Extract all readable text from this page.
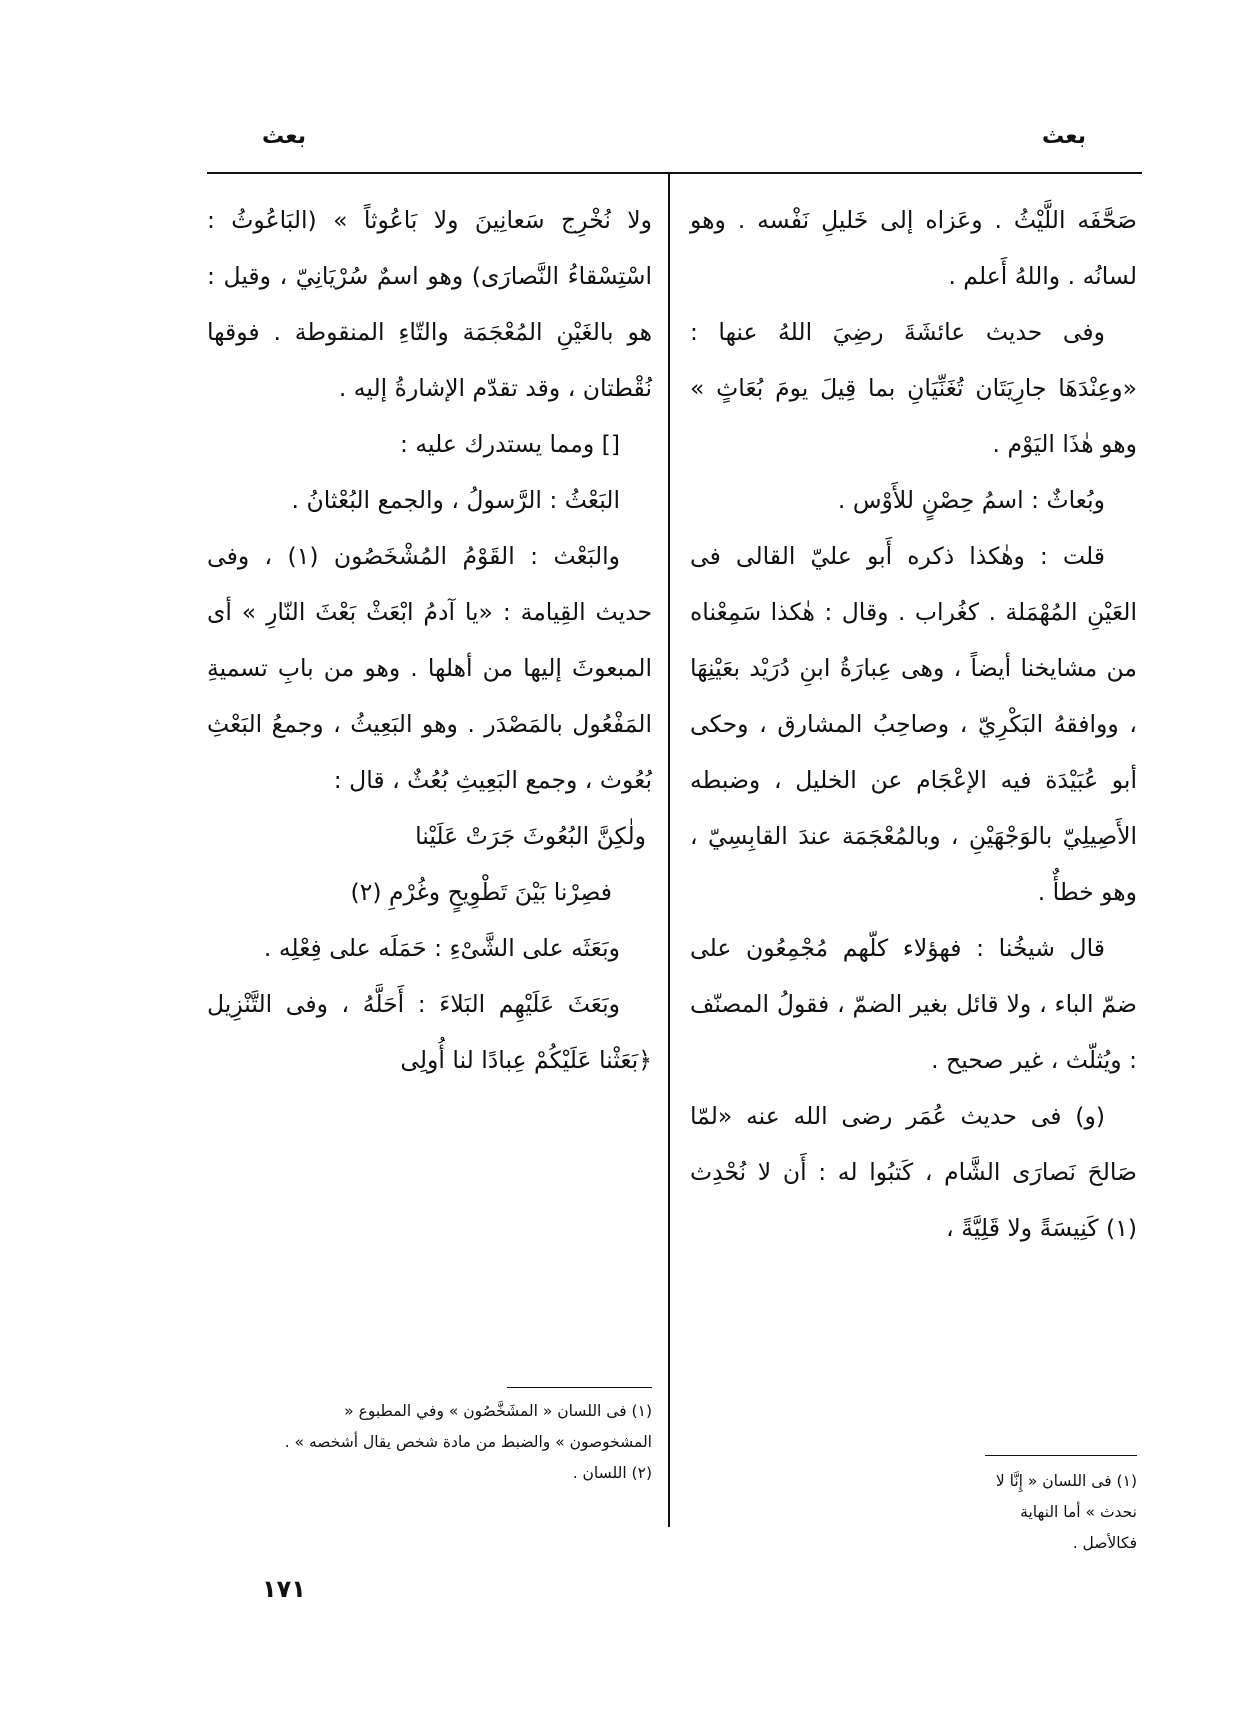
بعث
بعث

صَحَّفَه اللَّيْثُ . وعَزاه إلى خَليلِ نَفْسه . وهو لسانُه . واللهُ أَعلم .

وفى حديث عائشَةَ رضِيَ اللهُ عنها : «وعِنْدَهَا جارِيَتَان تُغَنِّيَانِ بما قِيلَ يومَ بُعَاثٍ » وهو هٰذَا اليَوْم .

وبُعاثٌ : اسمُ حِصْنٍ للأَوْس .

قلت : وهٰكذا ذكره أَبو عليّ القالى فى العَيْنِ المُهْمَلة . كغُراب . وقال : هٰكذا سَمِعْناه من مشايخنا أيضاً ، وهى عِبارَةُ ابنِ دُرَيْد بعَيْنِهَا ، ووافقهُ البَكْرِيّ ، وصاحِبُ المشارق ، وحكى أبو عُبَيْدَة فيه الإعْجَام عن الخليل ، وضبطه الأَصِيلِيّ بالوَجْهَيْنِ ، وبالمُعْجَمَة عندَ القابِسِيّ ، وهو خطأٌ .

قال شيخُنا : فهؤلاء كلّهم مُجْمِعُون على ضمّ الباء ، ولا قائل بغير الضمّ ، فقولُ المصنّف : ويُثلّث ، غير صحيح .

(و) فى حديث عُمَر رضى الله عنه «لمّا صَالحَ نَصارَى الشَّام ، كَتبُوا له : أَن لا نُحْدِث (١) كَنِيسَةً ولا قَلِيَّةً ،

ولا نُخْرِج سَعانِينَ ولا بَاعُوثاً » (البَاعُوثُ : اسْتِسْقاءُ النَّصارَى) وهو اسمٌ سُرْيَانِيّ ، وقيل : هو بالغَيْنِ المُعْجَمَة والتّاءِ المنقوطة . فوقها نُقْطتان ، وقد تقدّم الإشارةُ إليه .

[] ومما يستدرك عليه :

البَعْثُ : الرَّسولُ ، والجمع البُعْثانُ .

والبَعْث : القَوْمُ المُشْخَصُون (١) ، وفى حديث القِيامة : «يا آدمُ ابْعَثْ بَعْثَ النّارِ » أى المبعوثَ إليها من أهلها . وهو من بابِ تسميةِ المَفْعُول بالمَصْدَر . وهو البَعِيثُ ، وجمعُ البَعْثِ بُعُوث ، وجمع البَعِيثِ بُعُثٌ ، قال :

ولٰكِنَّ البُعُوثَ جَرَتْ عَلَيْنا

فصِرْنا بَيْنَ تَطْوِيحٍ وغُرْمِ (٢)

وبَعَثَه على الشَّىْءِ : حَمَلَه على فِعْلِه .

وبَعَثَ عَلَيْهِم البَلاءَ : أَحَلَّهُ ، وفى التَّنْزِيل ﴿بَعَثْنا عَلَيْكُمْ عِبادًا لنا أُولِى

(١) فى اللسان « إِنَّا لا نحدث » أما النهاية فكالأصل .

(١) فى اللسان « المشَخَّصُون » وفي المطبوع « المشخوصون » والضبط من مادة شخص يقال أشخصه » .

(٢) اللسان .

١٧١
